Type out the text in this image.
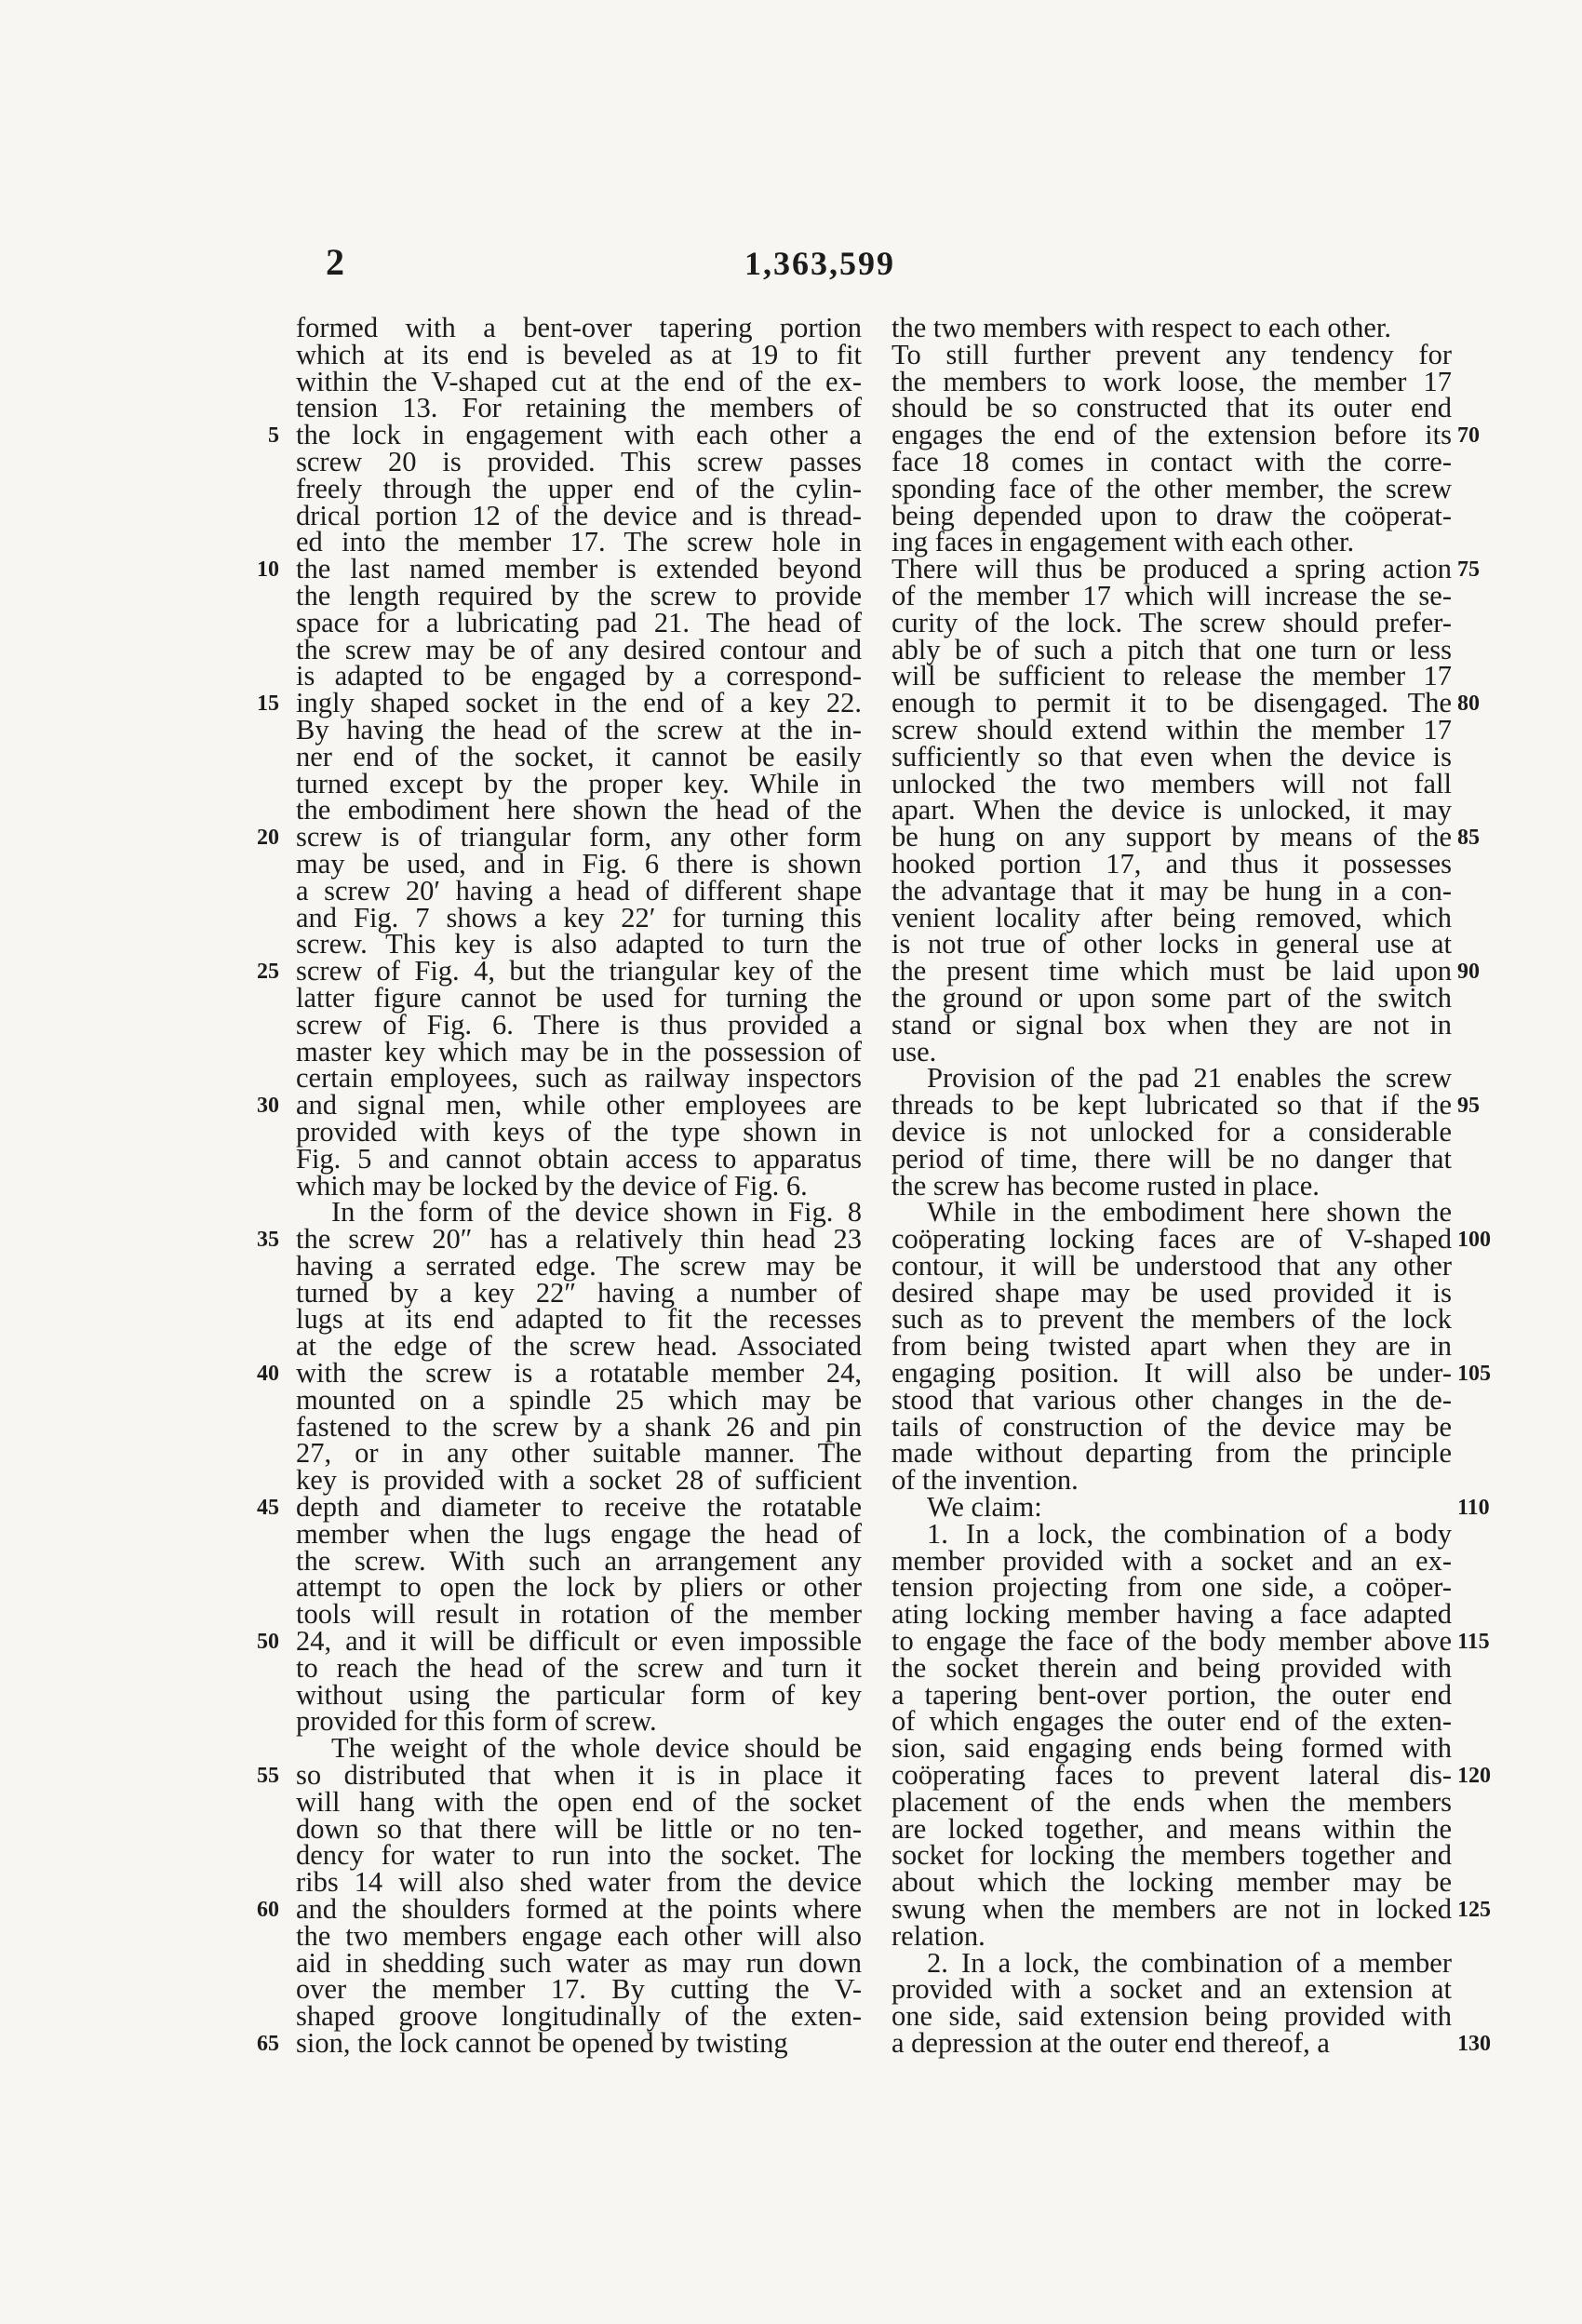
2	1,363,599
formed with a bent-over tapering portion
which at its end is beveled as at 19 to fit
within the V-shaped cut at the end of the ex-
tension 13. For retaining the members of
the lock in engagement with each other a
screw 20 is provided. This screw passes
freely through the upper end of the cylin-
drical portion 12 of the device and is thread-
ed into the member 17. The screw hole in
the last named member is extended beyond
the length required by the screw to provide
space for a lubricating pad 21. The head of
the screw may be of any desired contour and
is adapted to be engaged by a correspond-
ingly shaped socket in the end of a key 22.
By having the head of the screw at the in-
ner end of the socket, it cannot be easily
turned except by the proper key. While in
the embodiment here shown the head of the
screw is of triangular form, any other form
may be used, and in Fig. 6 there is shown
a screw 20′ having a head of different shape
and Fig. 7 shows a key 22′ for turning this
screw. This key is also adapted to turn the
screw of Fig. 4, but the triangular key of the
latter figure cannot be used for turning the
screw of Fig. 6. There is thus provided a
master key which may be in the possession of
certain employees, such as railway inspectors
and signal men, while other employees are
provided with keys of the type shown in
Fig. 5 and cannot obtain access to apparatus
which may be locked by the device of Fig. 6.
In the form of the device shown in Fig. 8
the screw 20″ has a relatively thin head 23
having a serrated edge. The screw may be
turned by a key 22″ having a number of
lugs at its end adapted to fit the recesses
at the edge of the screw head. Associated
with the screw is a rotatable member 24,
mounted on a spindle 25 which may be
fastened to the screw by a shank 26 and pin
27, or in any other suitable manner. The
key is provided with a socket 28 of sufficient
depth and diameter to receive the rotatable
member when the lugs engage the head of
the screw. With such an arrangement any
attempt to open the lock by pliers or other
tools will result in rotation of the member
24, and it will be difficult or even impossible
to reach the head of the screw and turn it
without using the particular form of key
provided for this form of screw.
The weight of the whole device should be
so distributed that when it is in place it
will hang with the open end of the socket
down so that there will be little or no ten-
dency for water to run into the socket. The
ribs 14 will also shed water from the device
and the shoulders formed at the points where
the two members engage each other will also
aid in shedding such water as may run down
over the member 17. By cutting the V-
shaped groove longitudinally of the exten-
sion, the lock cannot be opened by twisting
the two members with respect to each other.
To still further prevent any tendency for
the members to work loose, the member 17
should be so constructed that its outer end
engages the end of the extension before its
face 18 comes in contact with the corre-
sponding face of the other member, the screw
being depended upon to draw the coöperat-
ing faces in engagement with each other.
There will thus be produced a spring action
of the member 17 which will increase the se-
curity of the lock. The screw should prefer-
ably be of such a pitch that one turn or less
will be sufficient to release the member 17
enough to permit it to be disengaged. The
screw should extend within the member 17
sufficiently so that even when the device is
unlocked the two members will not fall
apart. When the device is unlocked, it may
be hung on any support by means of the
hooked portion 17, and thus it possesses
the advantage that it may be hung in a con-
venient locality after being removed, which
is not true of other locks in general use at
the present time which must be laid upon
the ground or upon some part of the switch
stand or signal box when they are not in
use.
Provision of the pad 21 enables the screw
threads to be kept lubricated so that if the
device is not unlocked for a considerable
period of time, there will be no danger that
the screw has become rusted in place.
While in the embodiment here shown the
coöperating locking faces are of V-shaped
contour, it will be understood that any other
desired shape may be used provided it is
such as to prevent the members of the lock
from being twisted apart when they are in
engaging position. It will also be under-
stood that various other changes in the de-
tails of construction of the device may be
made without departing from the principle
of the invention.
We claim:
1. In a lock, the combination of a body
member provided with a socket and an ex-
tension projecting from one side, a coöper-
ating locking member having a face adapted
to engage the face of the body member above
the socket therein and being provided with
a tapering bent-over portion, the outer end
of which engages the outer end of the exten-
sion, said engaging ends being formed with
coöperating faces to prevent lateral dis-
placement of the ends when the members
are locked together, and means within the
socket for locking the members together and
about which the locking member may be
swung when the members are not in locked
relation.
2. In a lock, the combination of a member
provided with a socket and an extension at
one side, said extension being provided with
a depression at the outer end thereof, a
5
10
15
20
25
30
35
40
45
50
55
60
65
70
75
80
85
90
95
100
105
110
115
120
125
130
